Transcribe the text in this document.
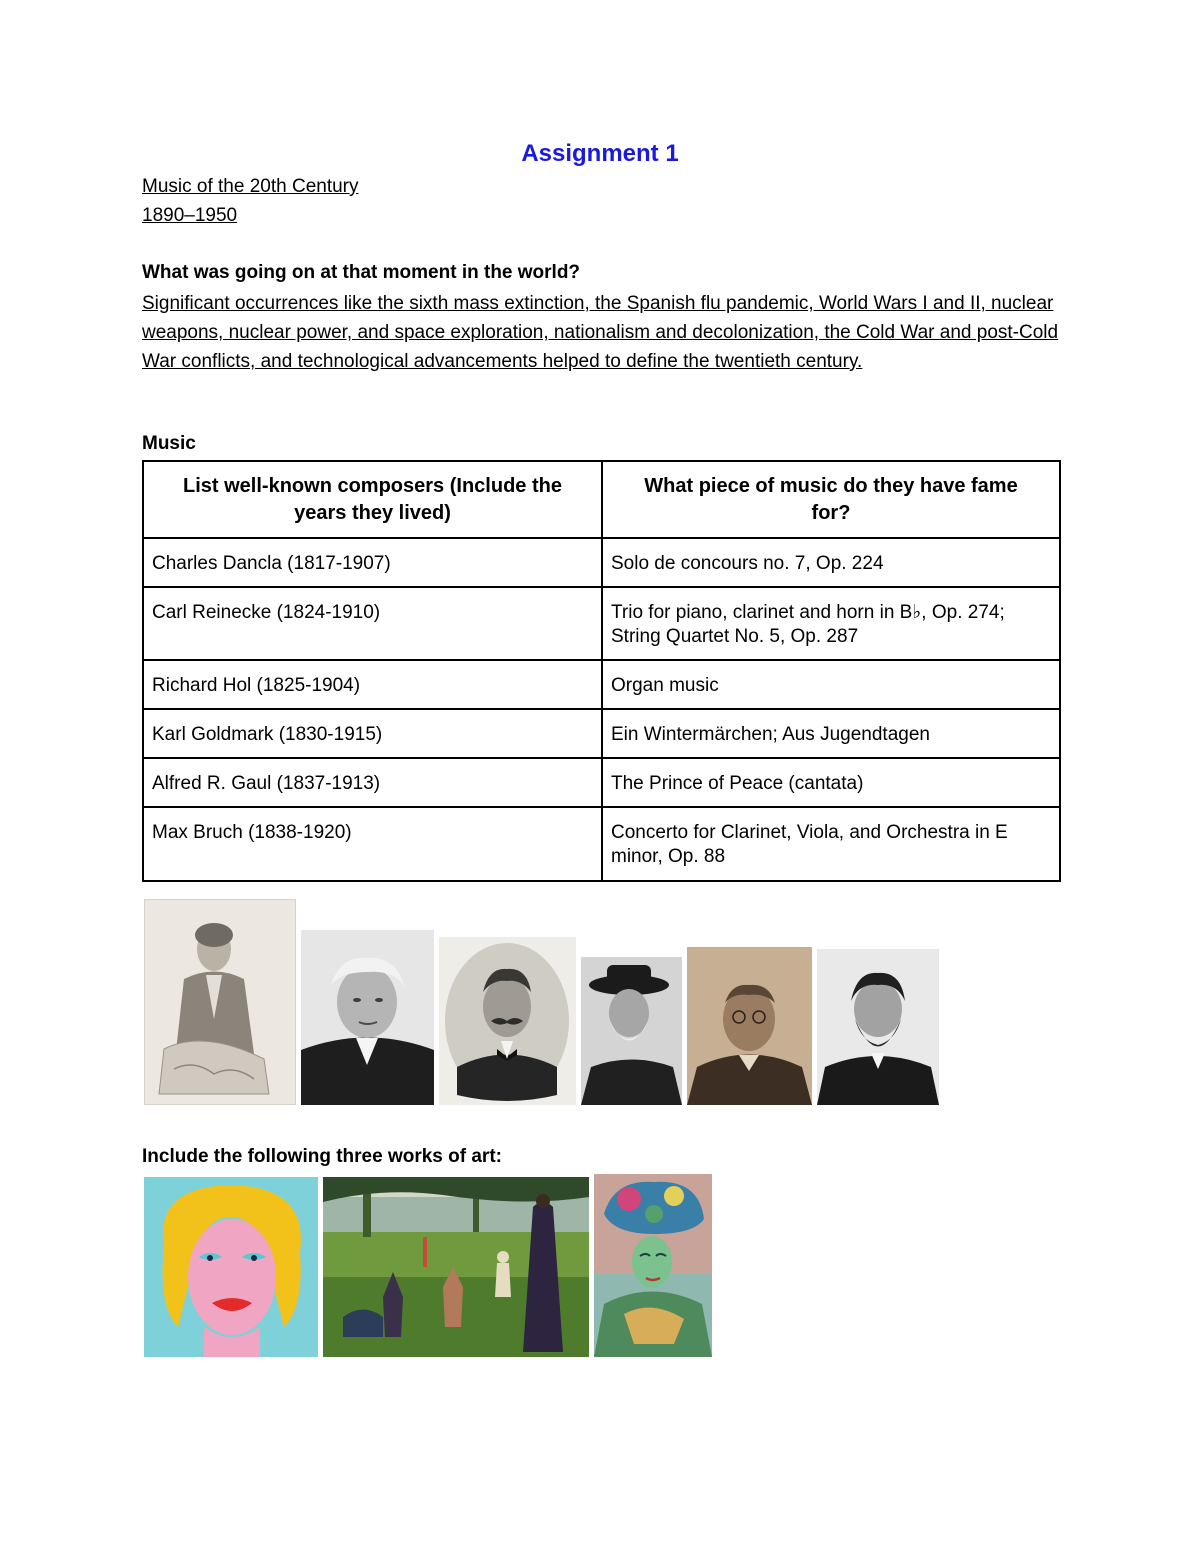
Assignment 1
Music of the 20th Century
1890–1950
What was going on at that moment in the world?
Significant occurrences like the sixth mass extinction, the Spanish flu pandemic, World Wars I and II, nuclear weapons, nuclear power, and space exploration, nationalism and decolonization, the Cold War and post-Cold War conflicts, and technological advancements helped to define the twentieth century.
Music
List well-known composers (Include the years they lived)	What piece of music do they have fame for?
Charles Dancla (1817-1907)	Solo de concours no. 7, Op. 224
Carl Reinecke (1824-1910)	Trio for piano, clarinet and horn in B♭, Op. 274; String Quartet No. 5, Op. 287
Richard Hol (1825-1904)	Organ music
Karl Goldmark (1830-1915)	Ein Wintermärchen; Aus Jugendtagen
Alfred R. Gaul (1837-1913)	The Prince of Peace (cantata)
Max Bruch (1838-1920)	Concerto for Clarinet, Viola, and Orchestra in E minor, Op. 88
Include the following three works of art:
